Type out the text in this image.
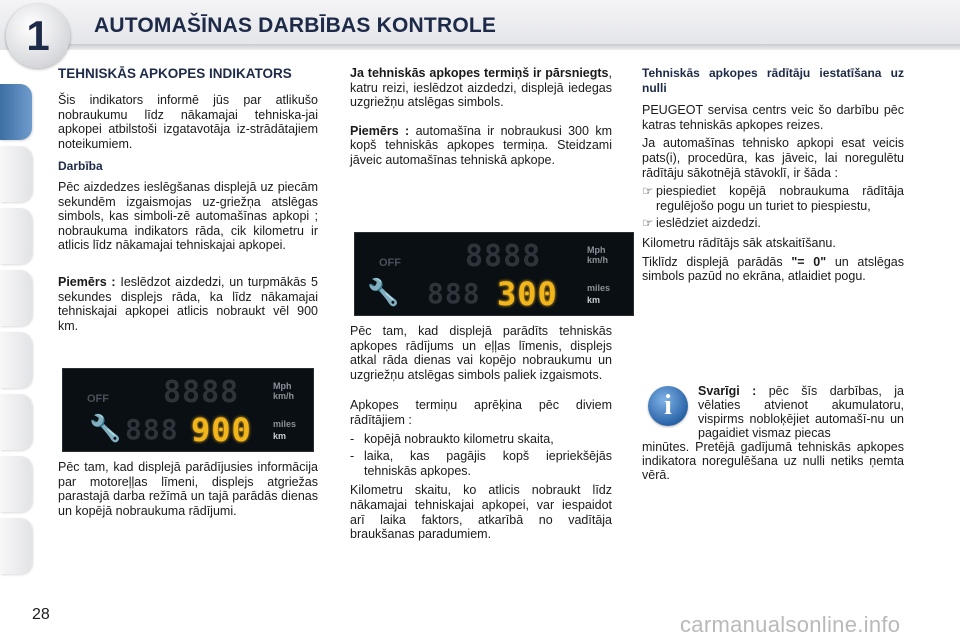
1	AUTOMAŠĪNAS DARBĪBAS KONTROLE
TEHNISKĀS APKOPES INDIKATORS

Šis indikators informē jūs par atlikušo nobraukumu līdz nākamajai tehniska-jai apkopei atbilstoši izgatavotāja iz-strādātajiem noteikumiem.

Darbība

Pēc aizdedzes ieslēgšanas displejā uz piecām sekundēm izgaismojas uz-griežņa atslēgas simbols, kas simboli-zē automašīnas apkopi ; nobraukuma indikators rāda, cik kilometru ir atlicis līdz nākamajai tehniskajai apkopei.

Piemērs : Ieslēdzot aizdedzi, un turpmākās 5 sekundes displejs rāda, ka līdz nākamajai tehniskajai apkopei atlicis nobraukt vēl 900 km.

Pēc tam, kad displejā parādījusies informācija par motoreļļas līmeni, displejs atgriežas parastajā darba režīmā un tajā parādās dienas un kopējā nobraukuma rādījumi.

OFF 8888	Mph km/h
🔧 888 900 miles
km

Ja tehniskās apkopes termiņš ir pārsniegts, katru reizi, ieslēdzot aizdedzi, displejā iedegas uzgriežņu atslēgas simbols.

Piemērs : automašīna ir nobraukusi 300 km kopš tehniskās apkopes termiņa. Steidzami jāveic automašīnas tehniskā apkope.

OFF 8888	Mph km/h
🔧 888 300	miles
km

Pēc tam, kad displejā parādīts tehniskās apkopes rādījums un eļļas līmenis, displejs atkal rāda dienas vai kopējo nobraukumu un uzgriežņu atslēgas simbols paliek izgaismots.

Apkopes termiņu aprēķina pēc diviem rādītājiem :

- kopējā nobraukto kilometru skaita,
- laika, kas pagājis kopš iepriekšējās tehniskās apkopes.

Kilometru skaitu, ko atlicis nobraukt līdz nākamajai tehniskajai apkopei, var iespaidot arī laika faktors, atkarībā no vadītāja braukšanas paradumiem.

Tehniskās apkopes rādītāju iestatīšana uz nulli

PEUGEOT servisa centrs veic šo darbību pēc katras tehniskās apkopes reizes.

Ja automašīnas tehnisko apkopi esat veicis pats(i), procedūra, kas jāveic, lai noregulētu rādītāju sākotnējā stāvoklī, ir šāda :

☞ piespiediet kopējā nobraukuma rādītāja regulējošo pogu un turiet to piespiestu,
☞ ieslēdziet aizdedzi.

Kilometru rādītājs sāk atskaitīšanu.

Tiklīdz displejā parādās "= 0" un atslēgas simbols pazūd no ekrāna, atlaidiet pogu.

i	Svarīgi : pēc šīs darbības, ja vēlaties atvienot akumulatoru, vispirms nobloķējiet automašī-nu un pagaidiet vismaz piecas
minūtes. Pretējā gadījumā tehniskās apkopes indikatora noregulēšana uz nulli netiks ņemta vērā.
28	carmanualsonline.info
